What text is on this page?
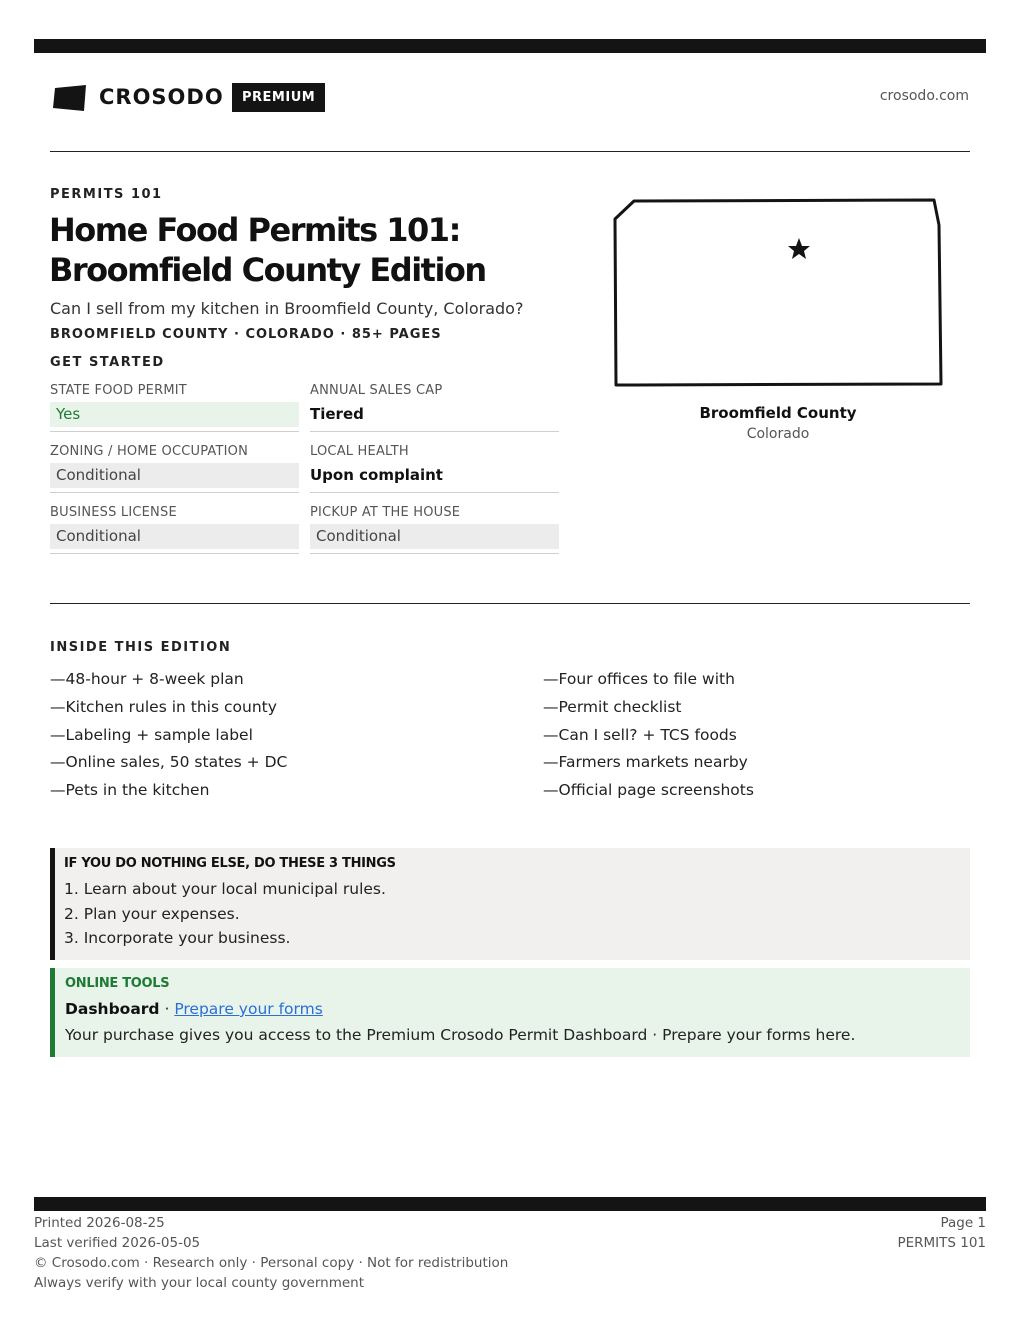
CROSODO	PREMIUM	crosodo.com
PERMITS 101
Home Food Permits 101:
Broomfield County Edition
Can I sell from my kitchen in Broomfield County, Colorado?
BROOMFIELD COUNTY · COLORADO · 85+ PAGES
GET STARTED
STATE FOOD PERMIT
Yes
ANNUAL SALES CAP
Tiered
ZONING / HOME OCCUPATION
Conditional
LOCAL HEALTH
Upon complaint
BUSINESS LICENSE
Conditional
PICKUP AT THE HOUSE
Conditional
Broomfield County
Colorado
INSIDE THIS EDITION
—48-hour + 8-week plan
—Kitchen rules in this county
—Labeling + sample label
—Online sales, 50 states + DC
—Pets in the kitchen
—Four offices to file with
—Permit checklist
—Can I sell? + TCS foods
—Farmers markets nearby
—Official page screenshots
IF YOU DO NOTHING ELSE, DO THESE 3 THINGS
1. Learn about your local municipal rules.
2. Plan your expenses.
3. Incorporate your business.
ONLINE TOOLS
Dashboard · Prepare your forms
Your purchase gives you access to the Premium Crosodo Permit Dashboard · Prepare your forms here.
Printed 2026-08-25
Last verified 2026-05-05
© Crosodo.com · Research only · Personal copy · Not for redistribution
Always verify with your local county government
Page 1
PERMITS 101
